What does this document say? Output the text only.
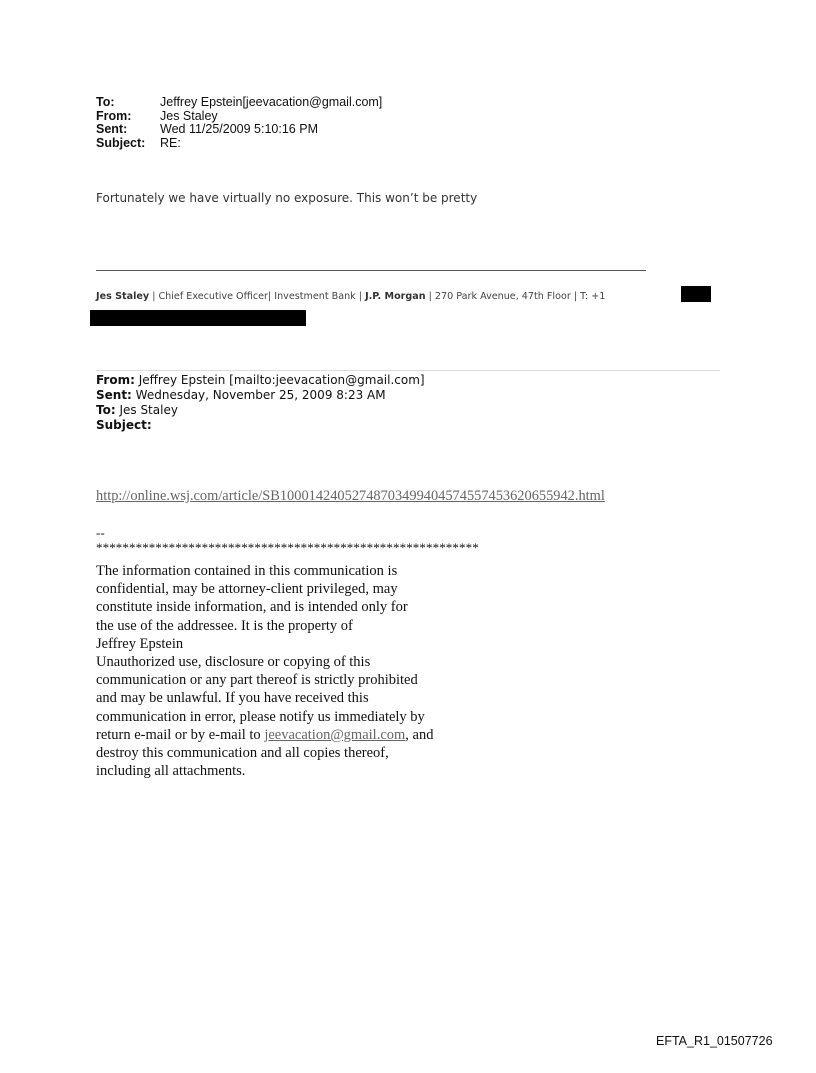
To:	Jeffrey Epstein[jeevacation@gmail.com]
From:	Jes Staley
Sent:	Wed 11/25/2009 5:10:16 PM
Subject:	RE:
Fortunately we have virtually no exposure. This won’t be pretty
Jes Staley | Chief Executive Officer| Investment Bank | J.P. Morgan | 270 Park Avenue, 47th Floor | T: +1
From: Jeffrey Epstein [mailto:jeevacation@gmail.com]
Sent: Wednesday, November 25, 2009 8:23 AM
To: Jes Staley
Subject:
http://online.wsj.com/article/SB10001424052748703499404574557453620655942.html
--
**********************************************************
The information contained in this communication is
confidential, may be attorney-client privileged, may
constitute inside information, and is intended only for
the use of the addressee. It is the property of
Jeffrey Epstein
Unauthorized use, disclosure or copying of this
communication or any part thereof is strictly prohibited
and may be unlawful. If you have received this
communication in error, please notify us immediately by
return e-mail or by e-mail to jeevacation@gmail.com, and
destroy this communication and all copies thereof,
including all attachments.
EFTA_R1_01507726
